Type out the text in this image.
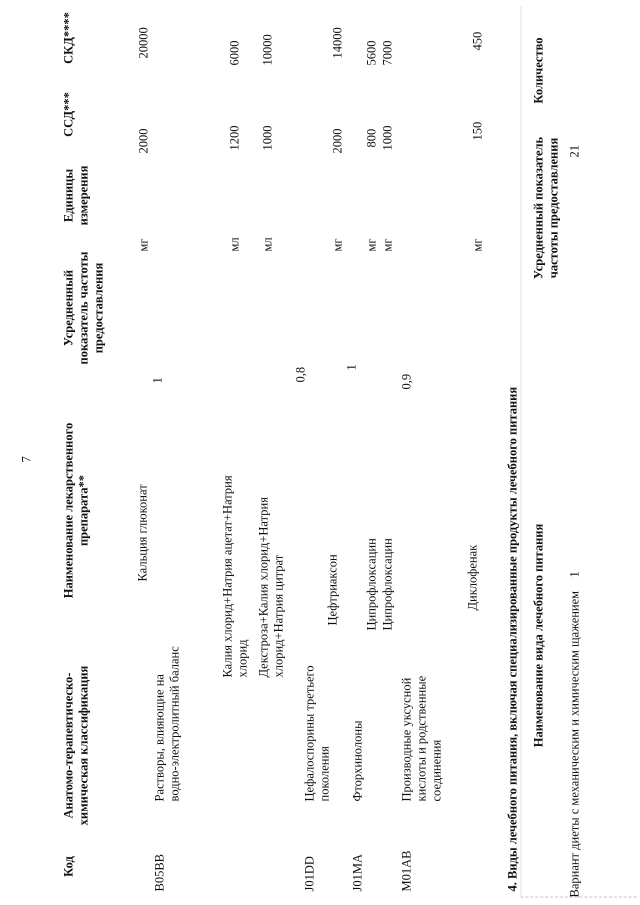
7
Код
Анатомо-терапевтическо-химическая классификация
Наименование лекарственного препарата**
Усредненный показатель частоты предоставления
Единицы измерения
ССД***
СКД****
B05BB
Растворы, влияющие на водно-электролитный баланс
1
Кальция глюконат
мг
2000
20000
Калия хлорид+Натрия ацетат+Натрия хлорид
мл
1200
6000
Декстроза+Калия хлорид+Натрия хлорид+Натрия цитрат
мл
1000
10000
J01DD
Цефалоспорины третьего поколения
0,8
Цефтриаксон
мг
2000
14000
J01MA
Фторхинолоны
1
Ципрофлоксацин
мг
800
5600
Ципрофлоксацин
мг
1000
7000
M01AB
Производные уксусной кислоты и родственные соединения
0,9
Диклофенак
мг
150
450
4. Виды лечебного питания, включая специализированные продукты лечебного питания Наименование вида лечебного питания
Усредненный показатель частоты предоставления
Количество
Вариант диеты с механическим и химическим щажением
1
21
